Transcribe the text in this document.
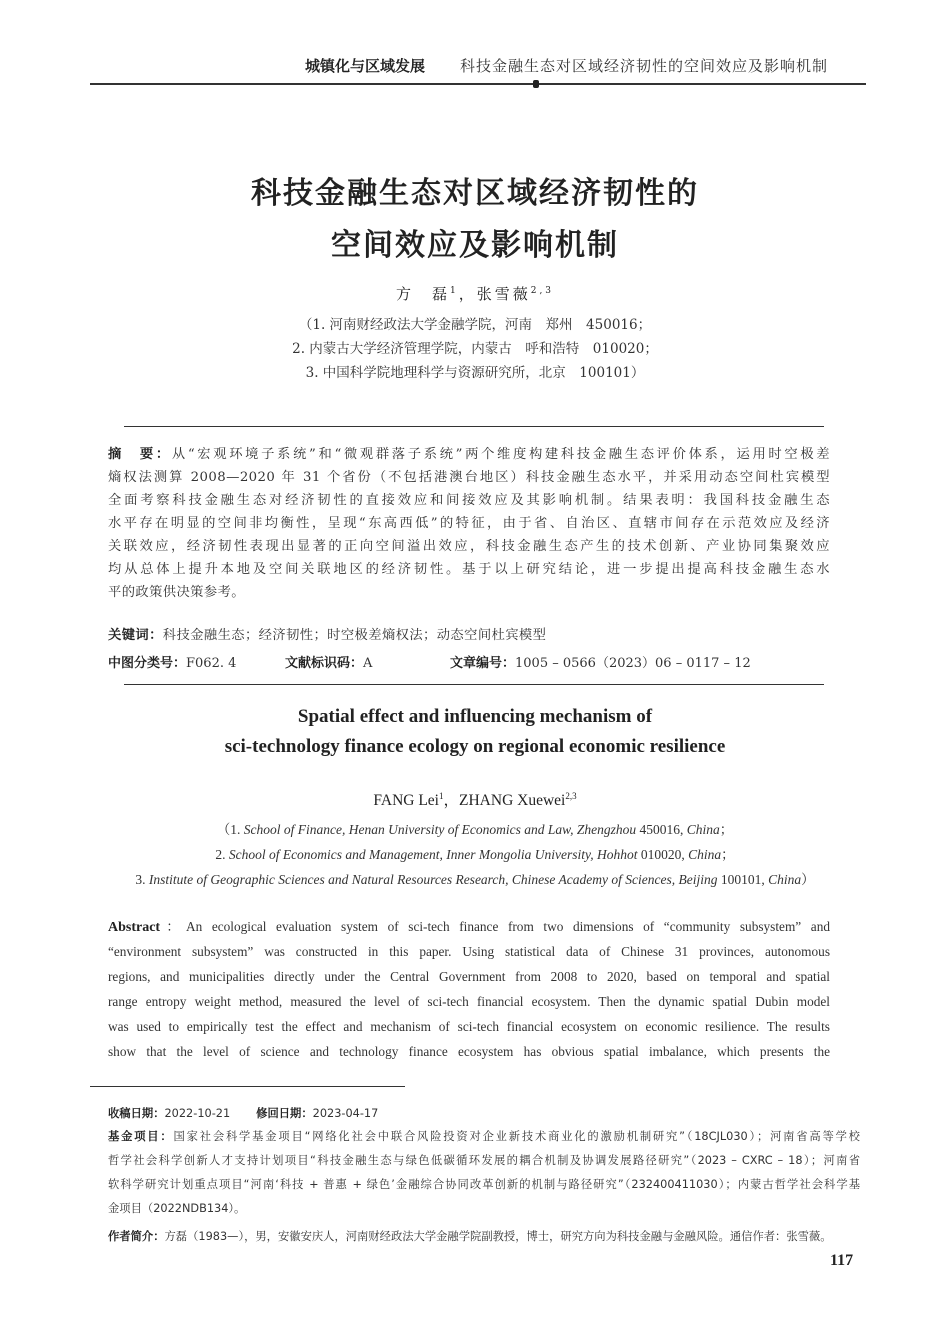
城镇化与区域发展 科技金融生态对区域经济韧性的空间效应及影响机制
科技金融生态对区域经济韧性的
空间效应及影响机制
方　磊$^1$，张雪薇$^{2,3}$
（1. 河南财经政法大学金融学院，河南　郑州　450016；
2. 内蒙古大学经济管理学院，内蒙古　呼和浩特　010020；
3. 中国科学院地理科学与资源研究所，北京　100101）
摘　要：从“宏观环境子系统”和“微观群落子系统”两个维度构建科技金融生态评价体系，运用时空极差
熵权法测算 2008—2020 年 31 个省份（不包括港澳台地区）科技金融生态水平，并采用动态空间杜宾模型
全面考察科技金融生态对经济韧性的直接效应和间接效应及其影响机制。结果表明：我国科技金融生态
水平存在明显的空间非均衡性，呈现“东高西低”的特征，由于省、自治区、直辖市间存在示范效应及经济
关联效应，经济韧性表现出显著的正向空间溢出效应，科技金融生态产生的技术创新、产业协同集聚效应
均从总体上提升本地及空间关联地区的经济韧性。基于以上研究结论，进一步提出提高科技金融生态水
平的政策供决策参考。
关键词：科技金融生态；经济韧性；时空极差熵权法；动态空间杜宾模型
中图分类号：F062. 4	文献标识码：A	文章编号：1005 – 0566（2023）06 – 0117 – 12
Spatial effect and influencing mechanism of
sci-technology finance ecology on regional economic resilience
FANG Lei$^1$，ZHANG Xuewei$^{2,3}$
（1. School of Finance, Henan University of Economics and Law, Zhengzhou 450016, China；
2. School of Economics and Management, Inner Mongolia University, Hohhot 010020, China；
3. Institute of Geographic Sciences and Natural Resources Research, Chinese Academy of Sciences, Beijing 100101, China）
Abstract：An ecological evaluation system of sci-tech finance from two dimensions of “community subsystem” and
“environment subsystem” was constructed in this paper. Using statistical data of Chinese 31 provinces, autonomous
regions, and municipalities directly under the Central Government from 2008 to 2020, based on temporal and spatial
range entropy weight method, measured the level of sci-tech financial ecosystem. Then the dynamic spatial Dubin model
was used to empirically test the effect and mechanism of sci-tech financial ecosystem on economic resilience. The results
show that the level of science and technology finance ecosystem has obvious spatial imbalance, which presents the
收稿日期：2022-10-21 修回日期：2023-04-17
基金项目：国家社会科学基金项目“网络化社会中联合风险投资对企业新技术商业化的激励机制研究”（18CJL030）；河南省高等学校
哲学社会科学创新人才支持计划项目“科技金融生态与绿色低碳循环发展的耦合机制及协调发展路径研究”（2023 – CXRC – 18）；河南省
软科学研究计划重点项目“河南‘科技 + 普惠 + 绿色’金融综合协同改革创新的机制与路径研究”（232400411030）；内蒙古哲学社会科学基
金项目（2022NDB134）。
作者简介：方磊（1983—），男，安徽安庆人，河南财经政法大学金融学院副教授，博士，研究方向为科技金融与金融风险。通信作者：张雪薇。
117
